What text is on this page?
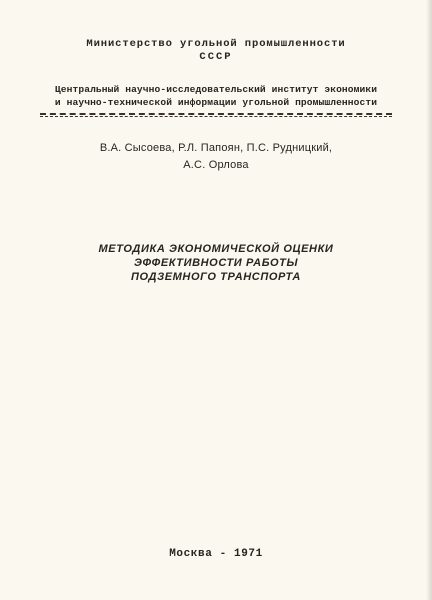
Министерство угольной промышленности
СССР
Центральный научно-исследовательский институт экономики
и научно-технической информации угольной промышленности
В.А. Сысоева, Р.Л. Папоян, П.С. Рудницкий,
А.С. Орлова
МЕТОДИКА ЭКОНОМИЧЕСКОЙ ОЦЕНКИ
ЭФФЕКТИВНОСТИ РАБОТЫ
ПОДЗЕМНОГО ТРАНСПОРТА
Москва - 1971
